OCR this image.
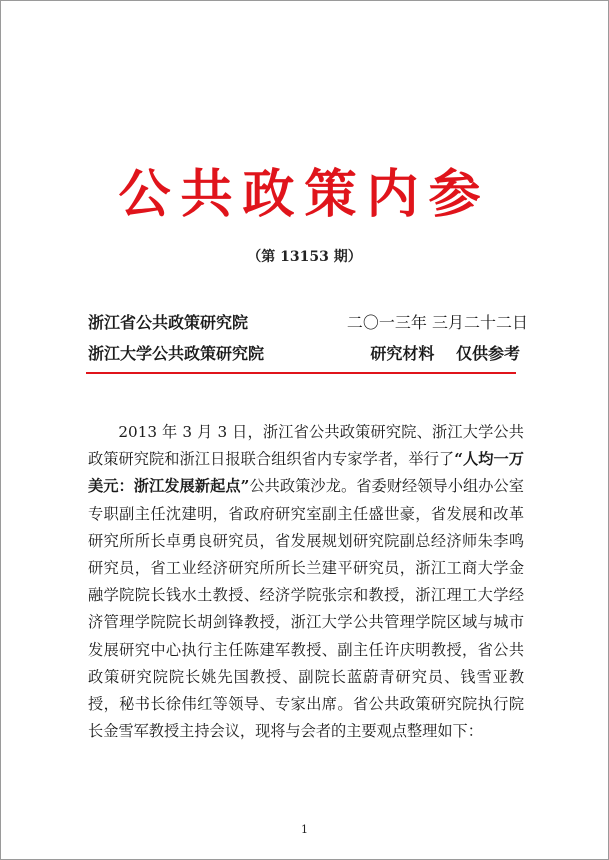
公共政策内参
（第 13153 期）
浙江省公共政策研究院	二〇一三年 三月二十二日
浙江大学公共政策研究院	研究材料　 仅供参考
2013 年 3 月 3 日，浙江省公共政策研究院、浙江大学公共政策研究院和浙江日报联合组织省内专家学者，举行了“人均一万美元：浙江发展新起点”公共政策沙龙。省委财经领导小组办公室专职副主任沈建明，省政府研究室副主任盛世豪，省发展和改革研究所所长卓勇良研究员，省发展规划研究院副总经济师朱李鸣研究员，省工业经济研究所所长兰建平研究员，浙江工商大学金融学院院长钱水土教授、经济学院张宗和教授，浙江理工大学经济管理学院院长胡剑锋教授，浙江大学公共管理学院区域与城市发展研究中心执行主任陈建军教授、副主任许庆明教授，省公共政策研究院院长姚先国教授、副院长蓝蔚青研究员、钱雪亚教授，秘书长徐伟红等领导、专家出席。省公共政策研究院执行院长金雪军教授主持会议，现将与会者的主要观点整理如下：
1
